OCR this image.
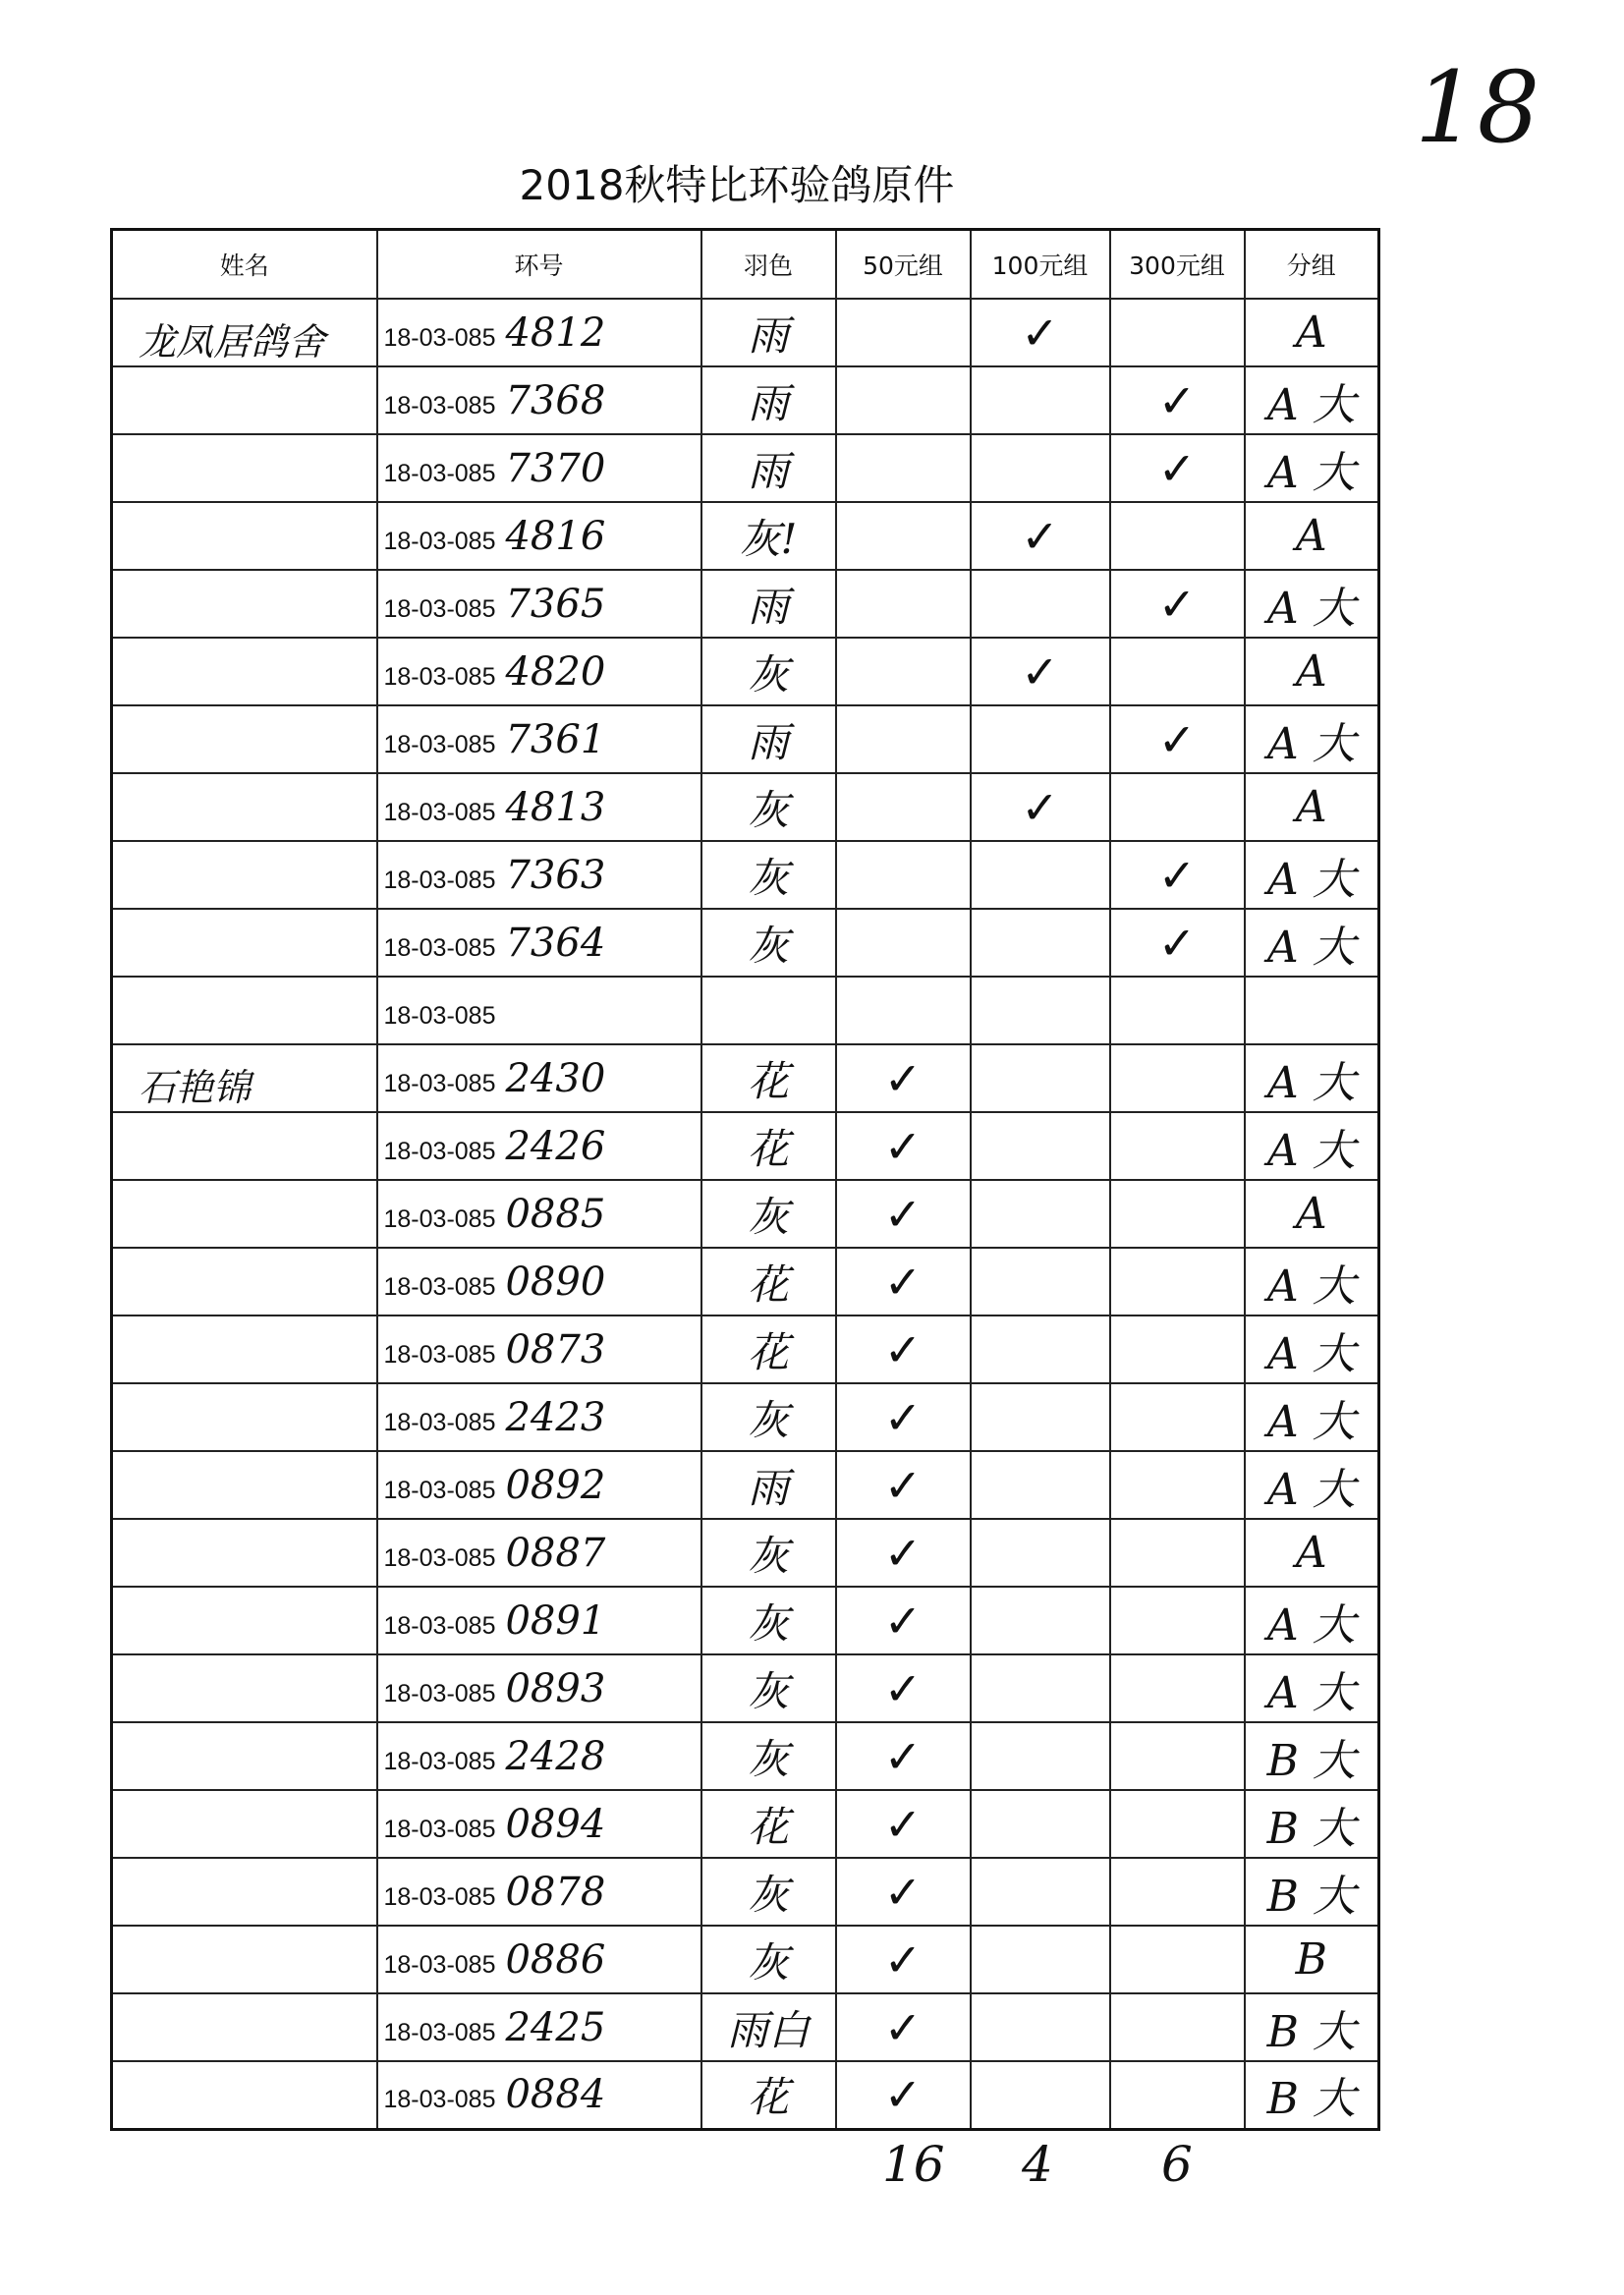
18
2018秋特比环验鸽原件
姓名	环号	羽色	50元组	100元组	300元组	分组
龙凤居鸽舍	18-03-085 4812	雨		✓		A
	18-03-085 7368	雨			✓	A 大
	18-03-085 7370	雨			✓	A 大
	18-03-085 4816	灰!		✓		A
	18-03-085 7365	雨			✓	A 大
	18-03-085 4820	灰		✓		A
	18-03-085 7361	雨			✓	A 大
	18-03-085 4813	灰		✓		A
	18-03-085 7363	灰			✓	A 大
	18-03-085 7364	灰			✓	A 大
	18-03-085					
石艳锦	18-03-085 2430	花	✓			A 大
	18-03-085 2426	花	✓			A 大
	18-03-085 0885	灰	✓			A
	18-03-085 0890	花	✓			A 大
	18-03-085 0873	花	✓			A 大
	18-03-085 2423	灰	✓			A 大
	18-03-085 0892	雨	✓			A 大
	18-03-085 0887	灰	✓			A
	18-03-085 0891	灰	✓			A 大
	18-03-085 0893	灰	✓			A 大
	18-03-085 2428	灰	✓			B 大
	18-03-085 0894	花	✓			B 大
	18-03-085 0878	灰	✓			B 大
	18-03-085 0886	灰	✓			B
	18-03-085 2425	雨白	✓			B 大
	18-03-085 0884	花	✓			B 大
16 4 6
